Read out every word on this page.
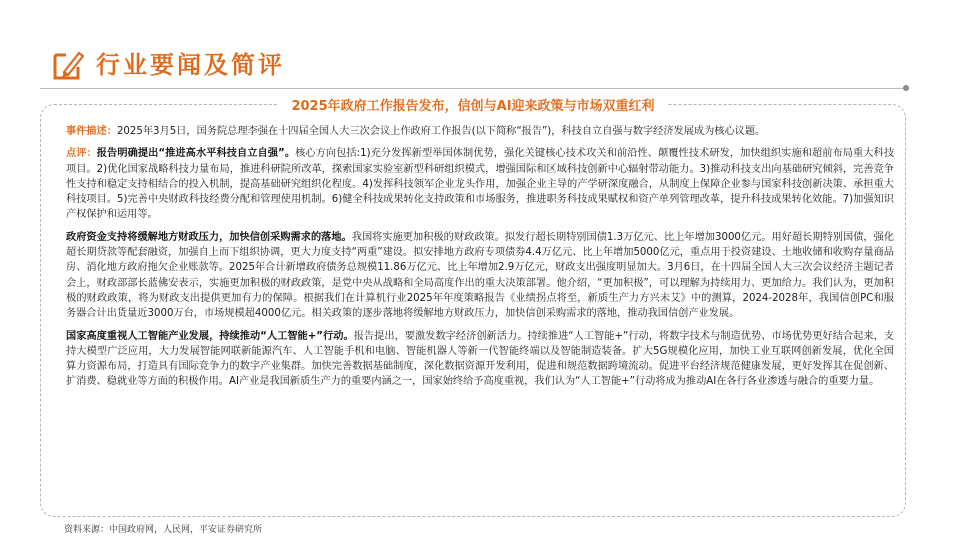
行业要闻及简评
2025年政府工作报告发布，信创与AI迎来政策与市场双重红利

事件描述：2025年3月5日，国务院总理李强在十四届全国人大三次会议上作政府工作报告(以下简称“报告”)，科技自立自强与数字经济发展成为核心议题。

点评：报告明确提出“推进高水平科技自立自强”。核心方向包括:1)充分发挥新型举国体制优势，强化关键核心技术攻关和前沿性、颠覆性技术研发，加快组织实施和超前布局重大科技项目。2)优化国家战略科技力量布局，推进科研院所改革，探索国家实验室新型科研组织模式，增强国际和区域科技创新中心辐射带动能力。3)推动科技支出向基础研究倾斜，完善竞争性支持和稳定支持相结合的投入机制，提高基础研究组织化程度。4)发挥科技领军企业龙头作用，加强企业主导的产学研深度融合，从制度上保障企业参与国家科技创新决策、承担重大科技项目。5)完善中央财政科技经费分配和管理使用机制。6)健全科技成果转化支持政策和市场服务，推进职务科技成果赋权和资产单列管理改革，提升科技成果转化效能。7)加强知识产权保护和运用等。

政府资金支持将缓解地方财政压力，加快信创采购需求的落地。我国将实施更加积极的财政政策。拟发行超长期特别国债1.3万亿元、比上年增加3000亿元。用好超长期特别国债，强化超长期贷款等配套融资，加强自上而下组织协调，更大力度支持“两重”建设。拟安排地方政府专项债券4.4万亿元、比上年增加5000亿元，重点用于投资建设、土地收储和收购存量商品房、消化地方政府拖欠企业账款等。2025年合计新增政府债务总规模11.86万亿元、比上年增加2.9万亿元，财政支出强度明显加大。3月6日，在十四届全国人大三次会议经济主题记者会上，财政部部长蓝佛安表示，实施更加积极的财政政策，是党中央从战略和全局高度作出的重大决策部署。他介绍，“更加积极”，可以理解为持续用力、更加给力。我们认为，更加积极的财政政策，将为财政支出提供更加有力的保障。根据我们在计算机行业2025年年度策略报告《业绩拐点将至，新质生产力方兴未艾》中的测算，2024-2028年，我国信创PC和服务器合计出货量近3000万台，市场规模超4000亿元。相关政策的逐步落地将缓解地方财政压力，加快信创采购需求的落地，推动我国信创产业发展。

国家高度重视人工智能产业发展，持续推动“人工智能+”行动。报告提出，要激发数字经济创新活力。持续推进“人工智能+”行动，将数字技术与制造优势、市场优势更好结合起来，支持大模型广泛应用，大力发展智能网联新能源汽车、人工智能手机和电脑、智能机器人等新一代智能终端以及智能制造装备。扩大5G规模化应用，加快工业互联网创新发展，优化全国算力资源布局，打造具有国际竞争力的数字产业集群。加快完善数据基础制度，深化数据资源开发利用，促进和规范数据跨境流动。促进平台经济规范健康发展，更好发挥其在促创新、扩消费、稳就业等方面的积极作用。AI产业是我国新质生产力的重要内涵之一，国家始终给予高度重视，我们认为“人工智能+”行动将成为推动AI在各行各业渗透与融合的重要力量。

资料来源：中国政府网，人民网，平安证券研究所
